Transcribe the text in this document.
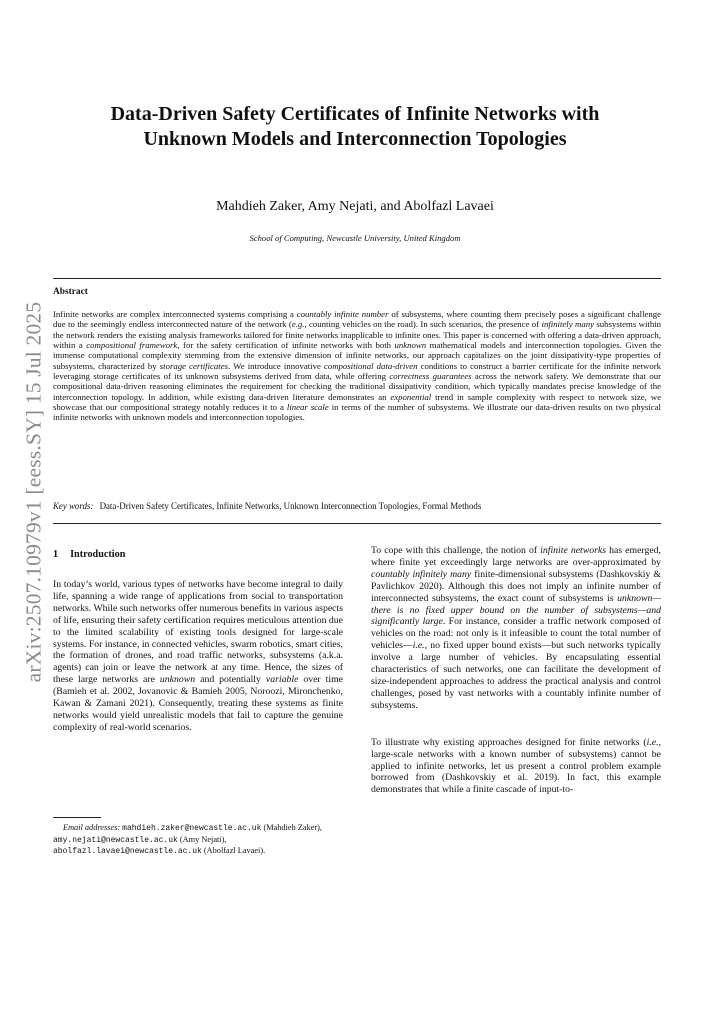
arXiv:2507.10979v1 [eess.SY] 15 Jul 2025
Data-Driven Safety Certificates of Infinite Networks with
Unknown Models and Interconnection Topologies
Mahdieh Zaker, Amy Nejati, and Abolfazl Lavaei
School of Computing, Newcastle University, United Kingdom
Abstract
Infinite networks are complex interconnected systems comprising a countably infinite number of subsystems, where counting them precisely poses a significant challenge due to the seemingly endless interconnected nature of the network (e.g., counting vehicles on the road). In such scenarios, the presence of infinitely many subsystems within the network renders the existing analysis frameworks tailored for finite networks inapplicable to infinite ones. This paper is concerned with offering a data-driven approach, within a compositional framework, for the safety certification of infinite networks with both unknown mathematical models and interconnection topologies. Given the immense computational complexity stemming from the extensive dimension of infinite networks, our approach capitalizes on the joint dissipativity-type properties of subsystems, characterized by storage certificates. We introduce innovative compositional data-driven conditions to construct a barrier certificate for the infinite network leveraging storage certificates of its unknown subsystems derived from data, while offering correctness guarantees across the network safety. We demonstrate that our compositional data-driven reasoning eliminates the requirement for checking the traditional dissipativity condition, which typically mandates precise knowledge of the interconnection topology. In addition, while existing data-driven literature demonstrates an exponential trend in sample complexity with respect to network size, we showcase that our compositional strategy notably reduces it to a linear scale in terms of the number of subsystems. We illustrate our data-driven results on two physical infinite networks with unknown models and interconnection topologies.
Key words: Data-Driven Safety Certificates, Infinite Networks, Unknown Interconnection Topologies, Formal Methods
1 Introduction
In today’s world, various types of networks have become integral to daily life, spanning a wide range of applications from social to transportation networks. While such networks offer numerous benefits in various aspects of life, ensuring their safety certification requires meticulous attention due to the limited scalability of existing tools designed for large-scale systems. For instance, in connected vehicles, swarm robotics, smart cities, the formation of drones, and road traffic networks, subsystems (a.k.a. agents) can join or leave the network at any time. Hence, the sizes of these large networks are unknown and potentially variable over time (Bamieh et al. 2002, Jovanovic & Bamieh 2005, Noroozi, Mironchenko, Kawan & Zamani 2021). Consequently, treating these systems as finite networks would yield unrealistic models that fail to capture the genuine complexity of real-world scenarios.
Email addresses: mahdieh.zaker@newcastle.ac.uk (Mahdieh Zaker), amy.nejati@newcastle.ac.uk (Amy Nejati), abolfazl.lavaei@newcastle.ac.uk (Abolfazl Lavaei).

To cope with this challenge, the notion of infinite networks has emerged, where finite yet exceedingly large networks are over-approximated by countably infinitely many finite-dimensional subsystems (Dashkovskiy & Pavlichkov 2020). Although this does not imply an infinite number of interconnected subsystems, the exact count of subsystems is unknown—there is no fixed upper bound on the number of subsystems—and significantly large. For instance, consider a traffic network composed of vehicles on the road: not only is it infeasible to count the total number of vehicles—i.e., no fixed upper bound exists—but such networks typically involve a large number of vehicles. By encapsulating essential characteristics of such networks, one can facilitate the development of size-independent approaches to address the practical analysis and control challenges, posed by vast networks with a countably infinite number of subsystems.

To illustrate why existing approaches designed for finite networks (i.e., large-scale networks with a known number of subsystems) cannot be applied to infinite networks, let us present a control problem example borrowed from (Dashkovskiy et al. 2019). In fact, this example demonstrates that while a finite cascade of input-to-
